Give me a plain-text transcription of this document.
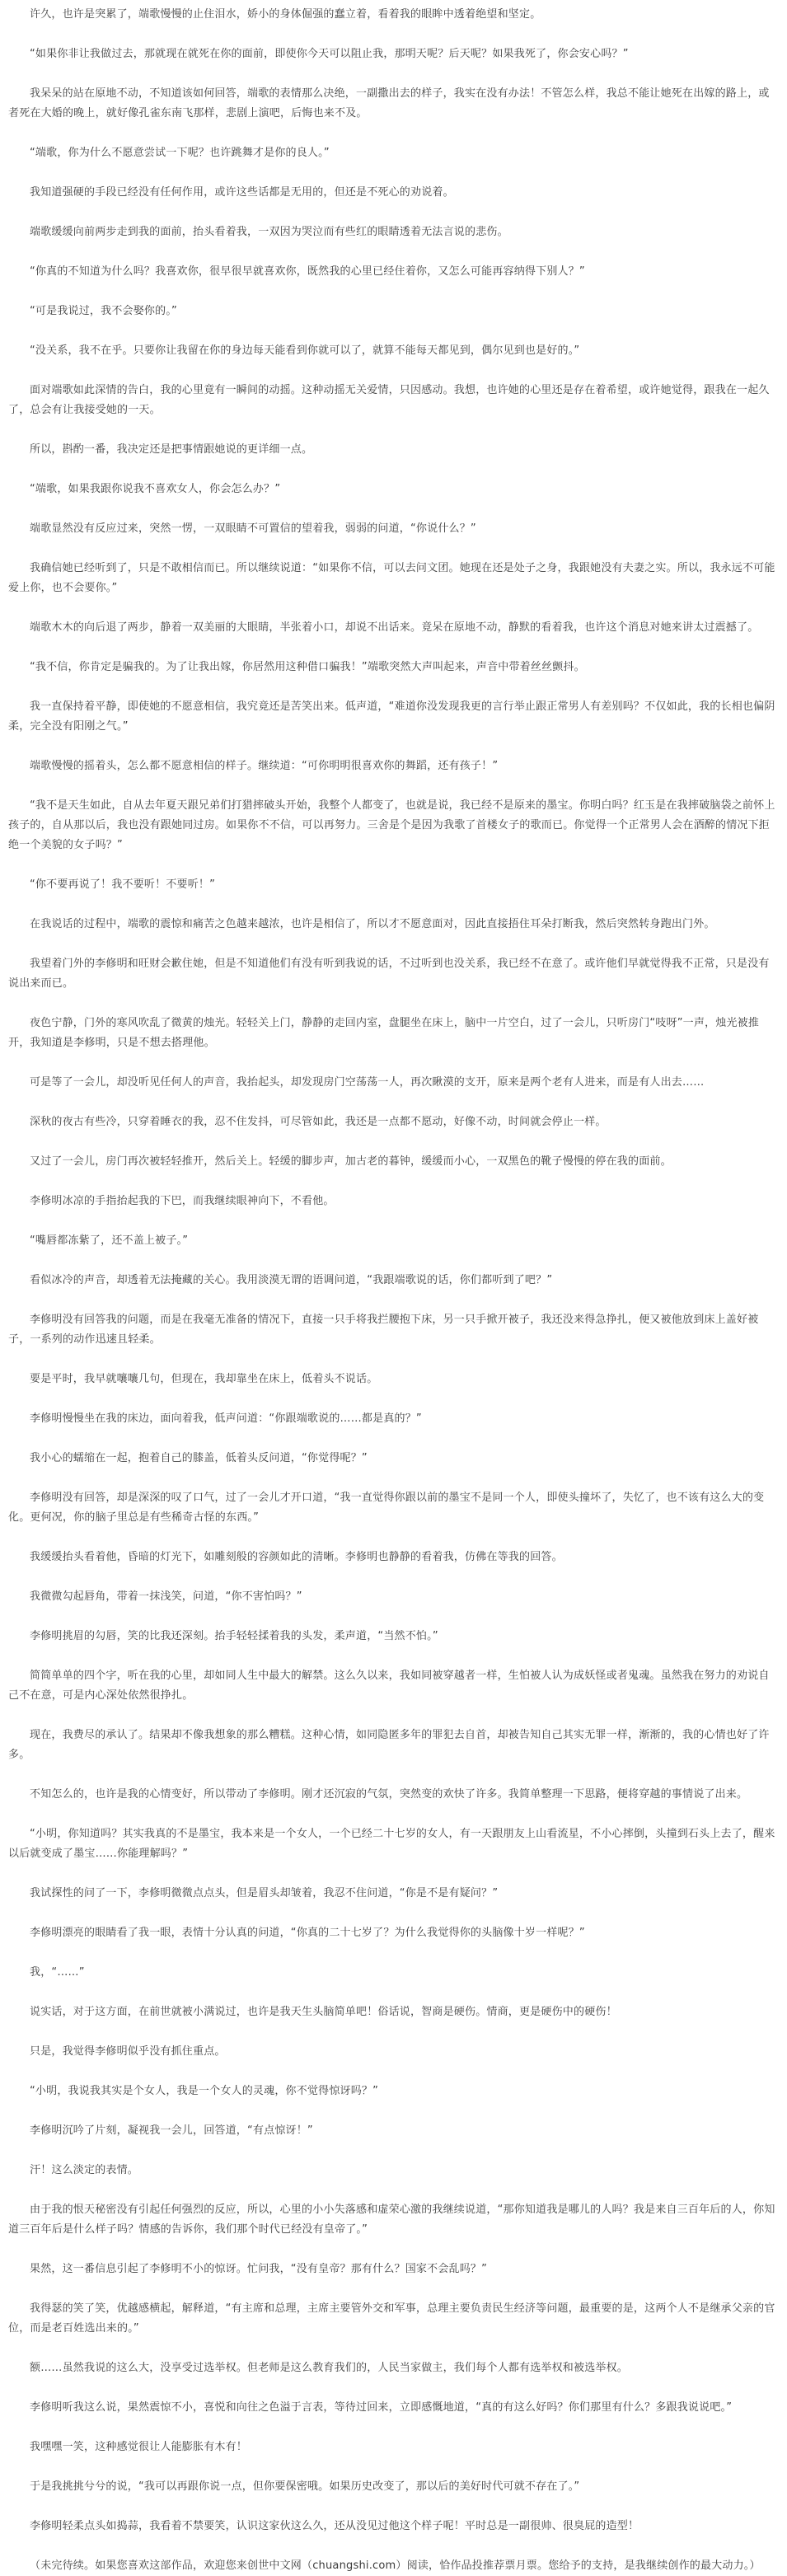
许久，也许是突累了，端歌慢慢的止住泪水，娇小的身体倔强的蠢立着，看着我的眼眸中透着绝望和坚定。

“如果你非让我做过去，那就现在就死在你的面前，即使你今天可以阻止我，那明天呢？后天呢？如果我死了，你会安心吗？”

我呆呆的站在原地不动，不知道该如何回答，端歌的表情那么决绝，一副撒出去的样子，我实在没有办法！不管怎么样，我总不能让她死在出嫁的路上，或者死在大婚的晚上，就好像孔雀东南飞那样，悲剧上演吧，后悔也来不及。

“端歌，你为什么不愿意尝试一下呢？也许跳舞才是你的良人。”

我知道强硬的手段已经没有任何作用，或许这些话都是无用的，但还是不死心的劝说着。

端歌缓缓向前两步走到我的面前，抬头看着我，一双因为哭泣而有些红的眼睛透着无法言说的悲伤。

“你真的不知道为什么吗？我喜欢你，很早很早就喜欢你，既然我的心里已经住着你，又怎么可能再容纳得下别人？”

“可是我说过，我不会娶你的。”

“没关系，我不在乎。只要你让我留在你的身边每天能看到你就可以了，就算不能每天都见到，偶尔见到也是好的。”

面对端歌如此深情的告白，我的心里竟有一瞬间的动摇。这种动摇无关爱情，只因感动。我想，也许她的心里还是存在着希望，或许她觉得，跟我在一起久了，总会有让我接受她的一天。

所以，斟酌一番，我决定还是把事情跟她说的更详细一点。

“端歌，如果我跟你说我不喜欢女人，你会怎么办？”

端歌显然没有反应过来，突然一愣，一双眼睛不可置信的望着我，弱弱的问道，“你说什么？”

我确信她已经听到了，只是不敢相信而已。所以继续说道：“如果你不信，可以去问文团。她现在还是处子之身，我跟她没有夫妻之实。所以，我永远不可能爱上你，也不会要你。”

端歌木木的向后退了两步，静着一双美丽的大眼睛，半张着小口，却说不出话来。竟呆在原地不动，静默的看着我，也许这个消息对她来讲太过震撼了。

“我不信，你肯定是骗我的。为了让我出嫁，你居然用这种借口骗我！”端歌突然大声叫起来，声音中带着丝丝颤抖。

我一直保持着平静，即使她的不愿意相信，我究竟还是苦笑出来。低声道，“难道你没发现我更的言行举止跟正常男人有差别吗？不仅如此，我的长相也偏阴柔，完全没有阳刚之气。”

端歌慢慢的摇着头，怎么都不愿意相信的样子。继续道：“可你明明很喜欢你的舞蹈，还有孩子！”

“我不是天生如此，自从去年夏天跟兄弟们打猎摔破头开始，我整个人都变了，也就是说，我已经不是原来的墨宝。你明白吗？红玉是在我摔破脑袋之前怀上孩子的，自从那以后，我也没有跟她同过房。如果你不不信，可以再努力。三舍是个是因为我歌了首楼女子的歌而已。你觉得一个正常男人会在酒醉的情况下拒绝一个美貌的女子吗？”

“你不要再说了！我不要听！不要听！”

在我说话的过程中，端歌的震惊和痛苦之色越来越浓，也许是相信了，所以才不愿意面对，因此直接捂住耳朵打断我，然后突然转身跑出门外。

我望着门外的李修明和旺财会歉住她，但是不知道他们有没有听到我说的话，不过听到也没关系，我已经不在意了。或许他们早就觉得我不正常，只是没有说出来而已。

夜色宁静，门外的寒风吹乱了微黄的烛光。轻轻关上门，静静的走回内室，盘腿坐在床上，脑中一片空白，过了一会儿，只听房门“吱呀”一声，烛光被推开，我知道是李修明，只是不想去搭理他。

可是等了一会儿，却没听见任何人的声音，我抬起头，却发现房门空荡荡一人，再次瞅漠的支开，原来是两个老有人进来，而是有人出去……

深秋的夜古有些冷，只穿着睡衣的我，忍不住发抖，可尽管如此，我还是一点都不愿动，好像不动，时间就会停止一样。

又过了一会儿，房门再次被轻轻推开，然后关上。轻缓的脚步声，加古老的暮钟，缓缓而小心，一双黑色的靴子慢慢的停在我的面前。

李修明冰凉的手指抬起我的下巴，而我继续眼神向下，不看他。

“嘴唇都冻紫了，还不盖上被子。”

看似冰冷的声音，却透着无法掩藏的关心。我用淡漠无谓的语调问道，“我跟端歌说的话，你们都听到了吧？”

李修明没有回答我的问题，而是在我毫无准备的情况下，直接一只手将我拦腰抱下床，另一只手掀开被子，我还没来得急挣扎，便又被他放到床上盖好被子，一系列的动作迅速且轻柔。

要是平时，我早就嚷嚷几句，但现在，我却靠坐在床上，低着头不说话。

李修明慢慢坐在我的床边，面向着我，低声问道：“你跟端歌说的……都是真的？”

我小心的蠕缩在一起，抱着自己的膝盖，低着头反问道，“你觉得呢？”

李修明没有回答，却是深深的叹了口气，过了一会儿才开口道，“我一直觉得你跟以前的墨宝不是同一个人，即使头撞坏了，失忆了，也不该有这么大的变化。更何况，你的脑子里总是有些稀奇古怪的东西。”

我缓缓抬头看着他，昏暗的灯光下，如雕刻般的容颜如此的清晰。李修明也静静的看着我，仿佛在等我的回答。

我微微勾起唇角，带着一抹浅笑，问道，“你不害怕吗？”

李修明挑眉的勾唇，笑的比我还深刻。抬手轻轻揉着我的头发，柔声道，“当然不怕。”

简简单单的四个字，听在我的心里，却如同人生中最大的解禁。这么久以来，我如同被穿越者一样，生怕被人认为成妖怪或者鬼魂。虽然我在努力的劝说自己不在意，可是内心深处依然很挣扎。

现在，我费尽的承认了。结果却不像我想象的那么糟糕。这种心情，如同隐匿多年的罪犯去自首，却被告知自己其实无罪一样，渐渐的，我的心情也好了许多。

不知怎么的，也许是我的心情变好，所以带动了李修明。刚才还沉寂的气氛，突然变的欢快了许多。我简单整理一下思路，便将穿越的事情说了出来。

“小明，你知道吗？其实我真的不是墨宝，我本来是一个女人，一个已经二十七岁的女人，有一天跟朋友上山看流星，不小心摔倒，头撞到石头上去了，醒来以后就变成了墨宝……你能理解吗？”

我试探性的问了一下，李修明微微点点头，但是眉头却皱着，我忍不住问道，“你是不是有疑问？”

李修明漂亮的眼睛看了我一眼，表情十分认真的问道，“你真的二十七岁了？为什么我觉得你的头脑像十岁一样呢？”

我，“……”

说实话，对于这方面，在前世就被小满说过，也许是我天生头脑简单吧！俗话说，智商是硬伤。情商，更是硬伤中的硬伤！

只是，我觉得李修明似乎没有抓住重点。

“小明，我说我其实是个女人，我是一个女人的灵魂，你不觉得惊讶吗？”

李修明沉吟了片刻，凝视我一会儿，回答道，“有点惊讶！”

汗！这么淡定的表情。

由于我的恨天秘密没有引起任何强烈的反应，所以，心里的小小失落感和虚荣心激的我继续说道，“那你知道我是哪儿的人吗？我是来自三百年后的人，你知道三百年后是什么样子吗？情感的告诉你，我们那个时代已经没有皇帝了。”

果然，这一番信息引起了李修明不小的惊讶。忙问我，“没有皇帝？那有什么？国家不会乱吗？”

我得瑟的笑了笑，优越感横起，解释道，“有主席和总理，主席主要管外交和军事，总理主要负责民生经济等问题，最重要的是，这两个人不是继承父亲的官位，而是老百姓选出来的。”

额……虽然我说的这么大，没享受过选举权。但老师是这么教育我们的，人民当家做主，我们每个人都有选举权和被选举权。

李修明听我这么说，果然震惊不小，喜悦和向往之色溢于言表，等待过回来，立即感慨地道，“真的有这么好吗？你们那里有什么？多跟我说说吧。”

我嘿嘿一笑，这种感觉很让人能膨胀有木有！

于是我挑挑兮兮的说，“我可以再跟你说一点，但你要保密哦。如果历史改变了，那以后的美好时代可就不存在了。”

李修明轻柔点头如捣蒜，我看着不禁要笑，认识这家伙这么久，还从没见过他这个样子呢！平时总是一副很帅、很臭屁的造型！

（未完待续。如果您喜欢这部作品，欢迎您来创世中文网（chuangshi.com）阅读，恰作品投推荐票月票。您给予的支持，是我继续创作的最大动力。）
